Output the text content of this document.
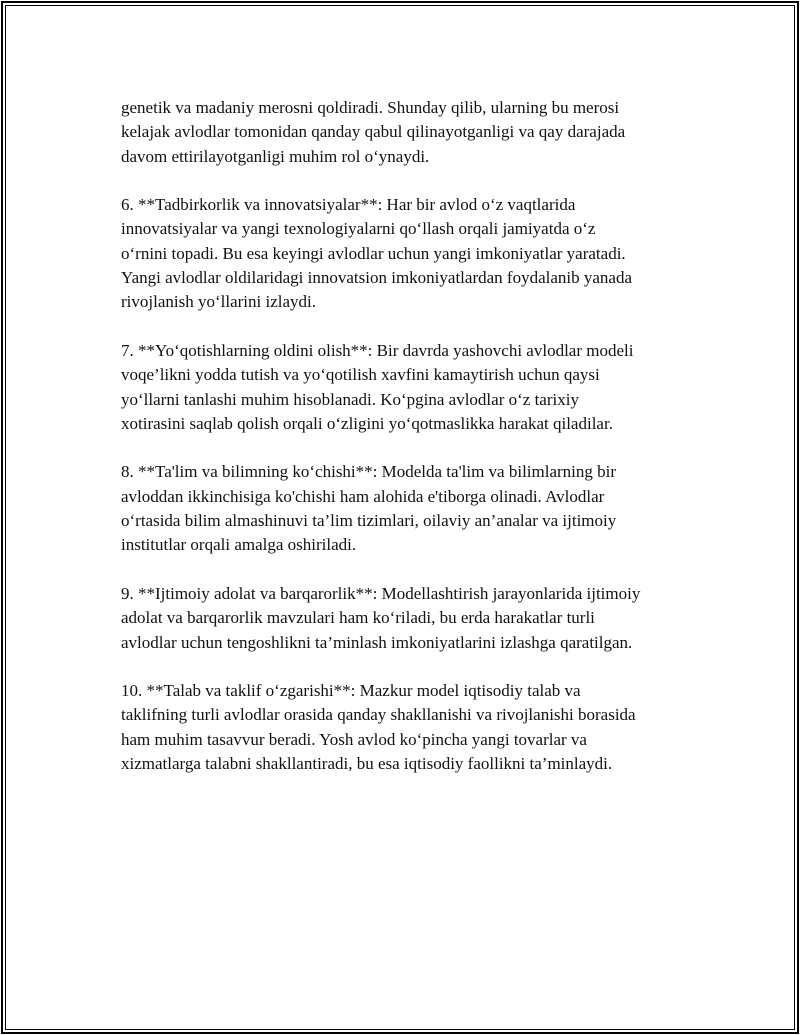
genetik va madaniy merosni qoldiradi. Shunday qilib, ularning bu merosi
kelajak avlodlar tomonidan qanday qabul qilinayotganligi va qay darajada
davom ettirilayotganligi muhim rol o‘ynaydi.

6. **Tadbirkorlik va innovatsiyalar**: Har bir avlod o‘z vaqtlarida
innovatsiyalar va yangi texnologiyalarni qo‘llash orqali jamiyatda o‘z
o‘rnini topadi. Bu esa keyingi avlodlar uchun yangi imkoniyatlar yaratadi.
Yangi avlodlar oldilaridagi innovatsion imkoniyatlardan foydalanib yanada
rivojlanish yo‘llarini izlaydi.

7. **Yo‘qotishlarning oldini olish**: Bir davrda yashovchi avlodlar modeli
voqe’likni yodda tutish va yo‘qotilish xavfini kamaytirish uchun qaysi
yo‘llarni tanlashi muhim hisoblanadi. Ko‘pgina avlodlar o‘z tarixiy
xotirasini saqlab qolish orqali o‘zligini yo‘qotmaslikka harakat qiladilar.

8. **Ta'lim va bilimning ko‘chishi**: Modelda ta'lim va bilimlarning bir
avloddan ikkinchisiga ko'chishi ham alohida e'tiborga olinadi. Avlodlar
o‘rtasida bilim almashinuvi ta’lim tizimlari, oilaviy an’analar va ijtimoiy
institutlar orqali amalga oshiriladi.

9. **Ijtimoiy adolat va barqarorlik**: Modellashtirish jarayonlarida ijtimoiy
adolat va barqarorlik mavzulari ham ko‘riladi, bu erda harakatlar turli
avlodlar uchun tengoshlikni ta’minlash imkoniyatlarini izlashga qaratilgan.

10. **Talab va taklif o‘zgarishi**: Mazkur model iqtisodiy talab va
taklifning turli avlodlar orasida qanday shakllanishi va rivojlanishi borasida
ham muhim tasavvur beradi. Yosh avlod ko‘pincha yangi tovarlar va
xizmatlarga talabni shakllantiradi, bu esa iqtisodiy faollikni ta’minlaydi.
